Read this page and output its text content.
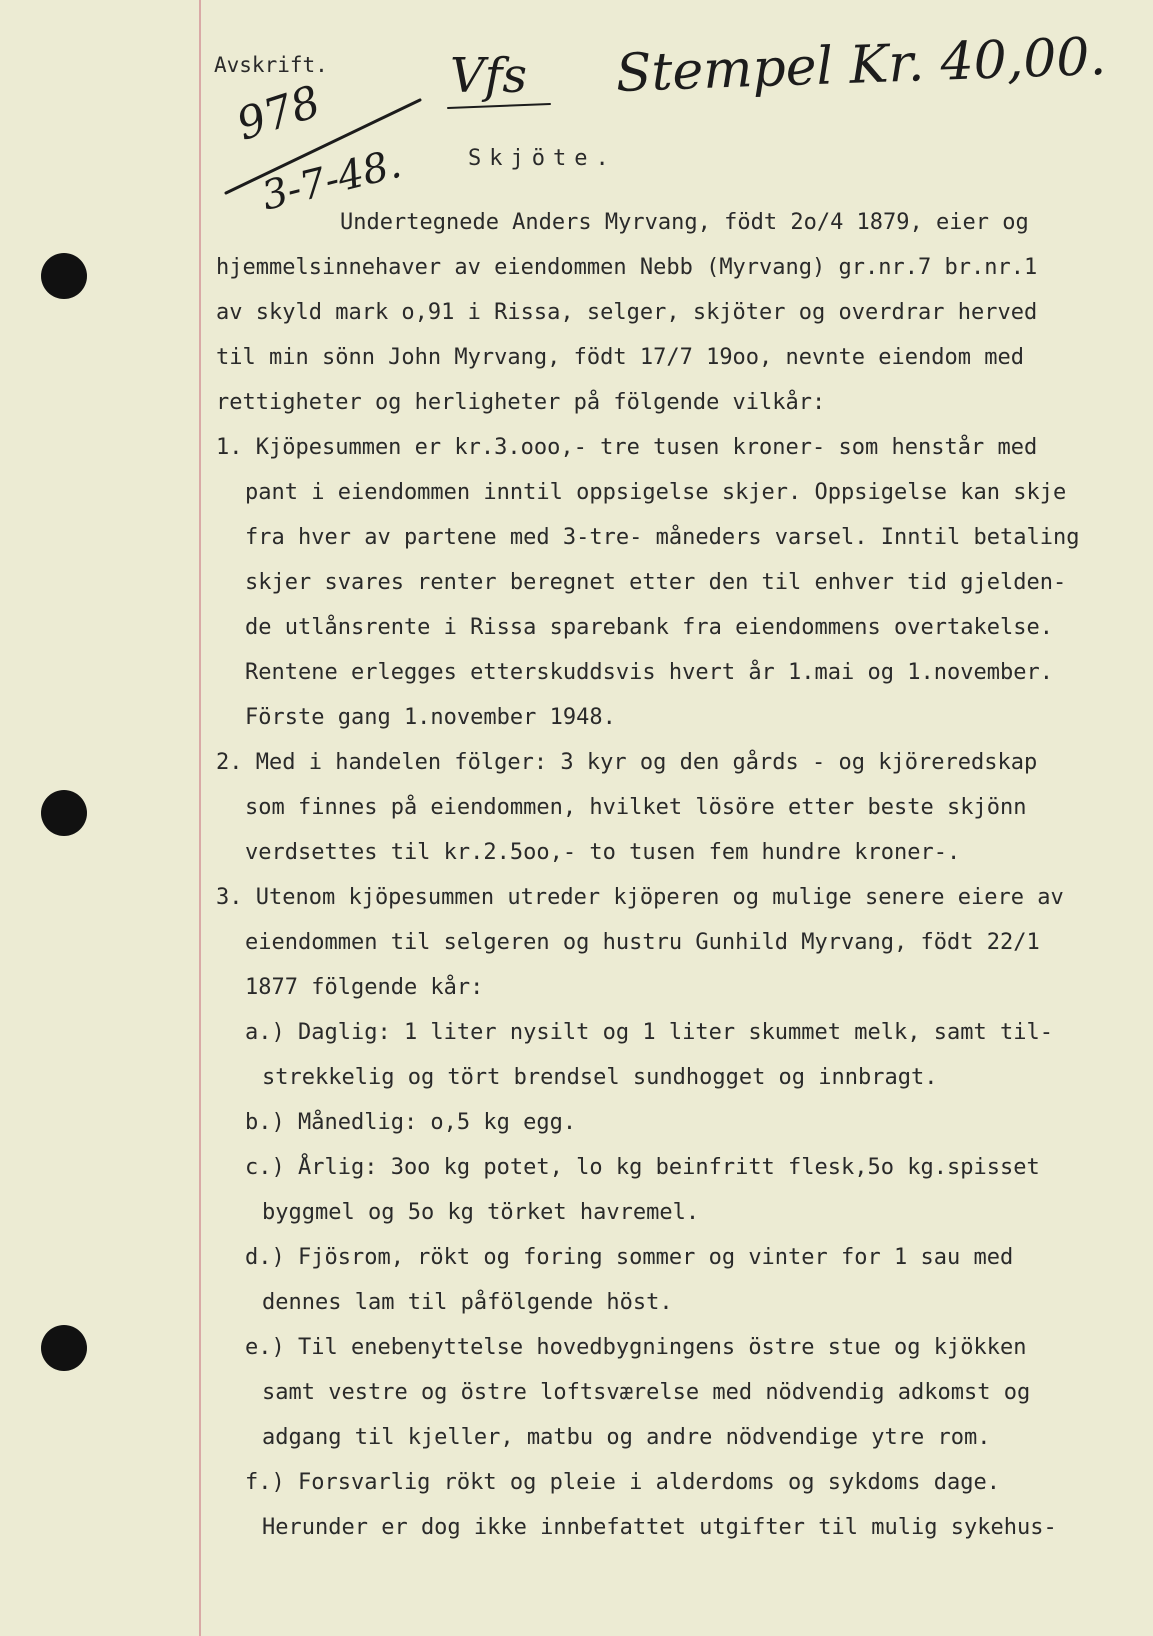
Avskrift.
Skjöte.
978
3-7-48.
Vfs Stempel Kr. 40,00.
Undertegnede Anders Myrvang, födt 2o/4 1879, eier og
hjemmelsinnehaver av eiendommen Nebb (Myrvang) gr.nr.7 br.nr.1
av skyld mark o,91 i Rissa, selger, skjöter og overdrar herved
til min sönn John Myrvang, födt 17/7 19oo, nevnte eiendom med
rettigheter og herligheter på fölgende vilkår:
1. Kjöpesummen er kr.3.ooo,- tre tusen kroner- som henstår med
pant i eiendommen inntil oppsigelse skjer. Oppsigelse kan skje
fra hver av partene med 3-tre- måneders varsel. Inntil betaling
skjer svares renter beregnet etter den til enhver tid gjelden-
de utlånsrente i Rissa sparebank fra eiendommens overtakelse.
Rentene erlegges etterskuddsvis hvert år 1.mai og 1.november.
Förste gang 1.november 1948.
2. Med i handelen fölger: 3 kyr og den gårds - og kjöreredskap
som finnes på eiendommen, hvilket lösöre etter beste skjönn
verdsettes til kr.2.5oo,- to tusen fem hundre kroner-.
3. Utenom kjöpesummen utreder kjöperen og mulige senere eiere av
eiendommen til selgeren og hustru Gunhild Myrvang, födt 22/1
1877 fölgende kår:
a.) Daglig: 1 liter nysilt og 1 liter skummet melk, samt til-
strekkelig og tört brendsel sundhogget og innbragt.
b.) Månedlig: o,5 kg egg.
c.) Årlig: 3oo kg potet, lo kg beinfritt flesk,5o kg.spisset
byggmel og 5o kg törket havremel.
d.) Fjösrom, rökt og foring sommer og vinter for 1 sau med
dennes lam til påfölgende höst.
e.) Til enebenyttelse hovedbygningens östre stue og kjökken
samt vestre og östre loftsværelse med nödvendig adkomst og
adgang til kjeller, matbu og andre nödvendige ytre rom.
f.) Forsvarlig rökt og pleie i alderdoms og sykdoms dage.
Herunder er dog ikke innbefattet utgifter til mulig sykehus-
